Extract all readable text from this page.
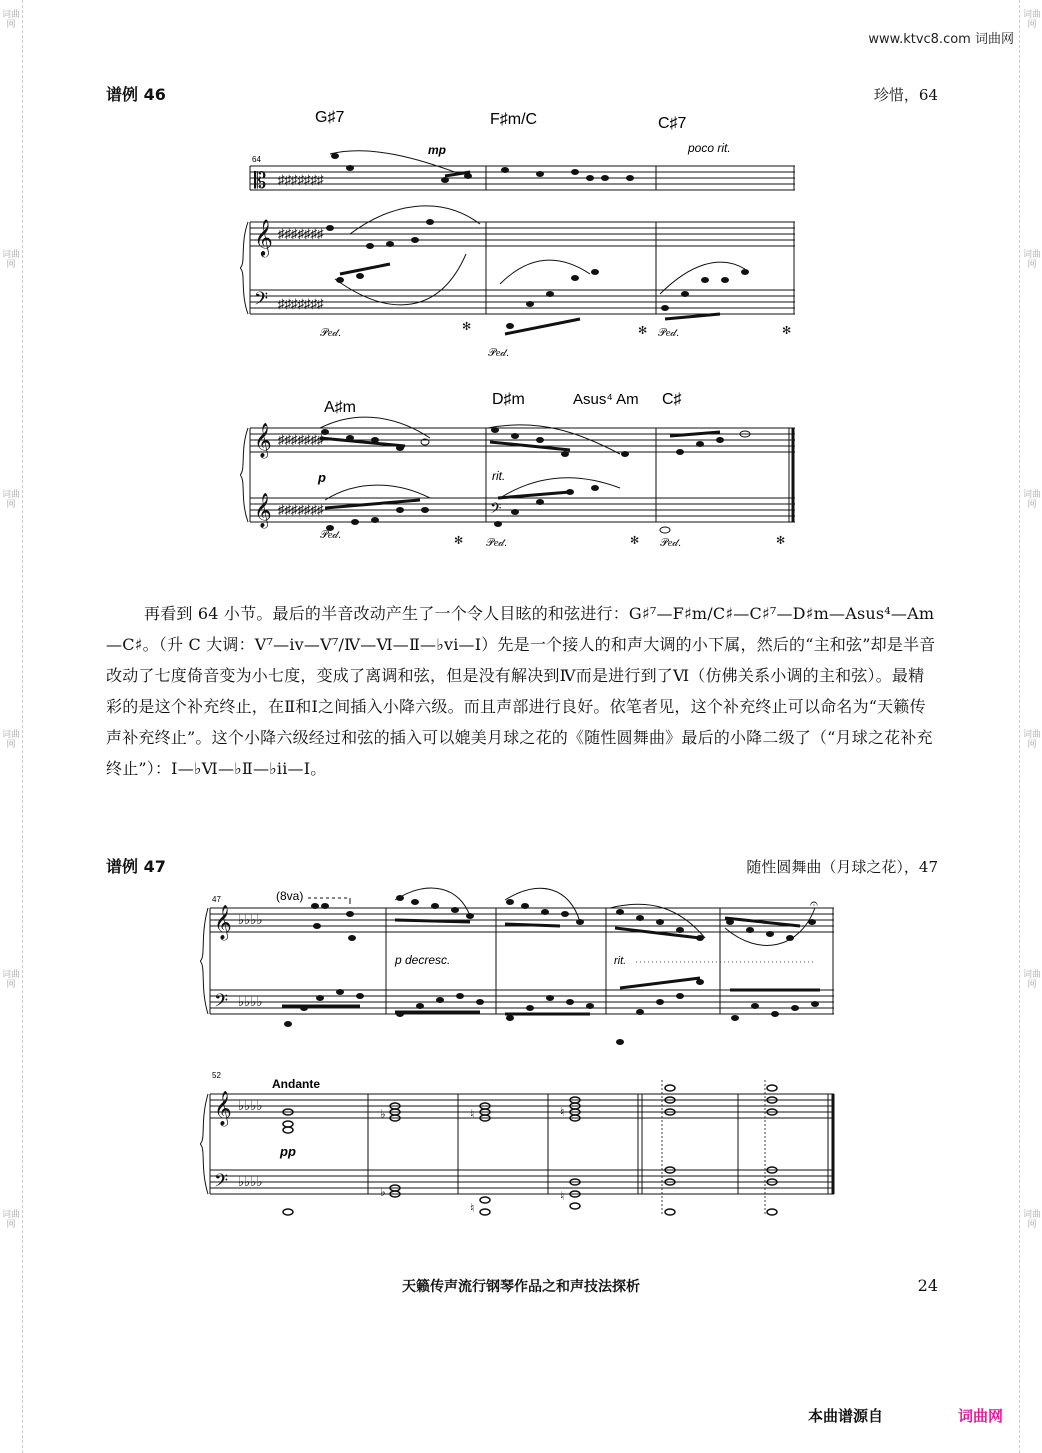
词曲网
词曲网
词曲网
词曲网
词曲网
词曲网
词曲网
词曲网
词曲网
词曲网
词曲网
词曲网
www.ktvc8.com 词曲网
谱例 46	珍惜，64
𝄡
𝄞
𝄢
♯♯♯♯♯♯♯
♯♯♯♯♯♯♯
♯♯♯♯♯♯♯
𝒫𝑒𝒹.	✻
𝒫𝑒𝒹.
✻ 𝒫𝑒𝒹.	✻
64
G♯7	F♯m/C	C♯7
mp	poco rit.
𝄞
𝄞
♯♯♯♯♯♯♯
♯♯♯♯♯♯♯	𝄢
𝒫𝑒𝒹.	✻ 𝒫𝑒𝒹.	✻ 𝒫𝑒𝒹.	✻
A♯m	D♯m	Asus⁴ Am C♯
p	rit.

再看到 64 小节。最后的半音改动产生了一个令人目眩的和弦进行：G♯⁷—F♯m/C♯—C♯⁷—D♯m—Asus⁴—Am—C♯。（升 C 大调：V⁷—iv—V⁷/Ⅳ—Ⅵ—Ⅱ—♭vi—Ⅰ）先是一个接人的和声大调的小下属，然后的“主和弦”却是半音改动了七度倚音变为小七度，变成了离调和弦，但是没有解决到Ⅳ而是进行到了Ⅵ（仿佛关系小调的主和弦）。最精彩的是这个补充终止，在Ⅱ和Ⅰ之间插入小降六级。而且声部进行良好。依笔者见，这个补充终止可以命名为“天籁传声补充终止”。这个小降六级经过和弦的插入可以媲美月球之花的《随性圆舞曲》最后的小降二级了（“月球之花补充终止”）：Ⅰ—♭Ⅵ—♭Ⅱ—♭ii—Ⅰ。

谱例 47	随性圆舞曲（月球之花），47
𝄞
𝄢
♭♭♭♭
♭♭♭♭
𝄐
47	(8va)
p decresc.	rit.
𝄞
𝄢
♭♭♭♭
♭♭♭♭
♭	♮	♮
♭
♮
♮
52
Andante
pp
天籁传声流行钢琴作品之和声技法探析	24
本曲谱源自	词曲网
